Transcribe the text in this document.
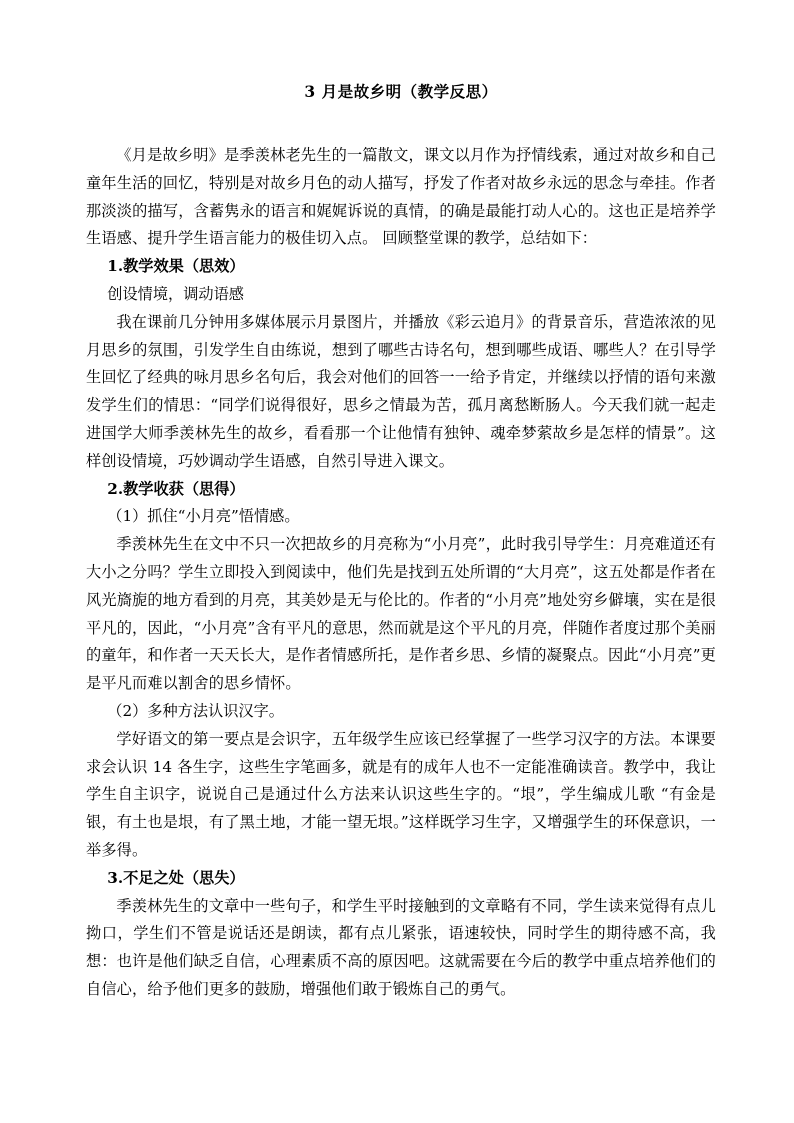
3 月是故乡明（教学反思）

《月是故乡明》是季羡林老先生的一篇散文，课文以月作为抒情线索，通过对故乡和自己童年生活的回忆，特别是对故乡月色的动人描写，抒发了作者对故乡永远的思念与牵挂。作者那淡淡的描写，含蓄隽永的语言和娓娓诉说的真情，的确是最能打动人心的。这也正是培养学生语感、提升学生语言能力的极佳切入点。 回顾整堂课的教学，总结如下：

1.教学效果（思效）

创设情境，调动语感

我在课前几分钟用多媒体展示月景图片，并播放《彩云追月》的背景音乐，营造浓浓的见月思乡的氛围，引发学生自由练说，想到了哪些古诗名句，想到哪些成语、哪些人？在引导学生回忆了经典的咏月思乡名句后，我会对他们的回答一一给予肯定，并继续以抒情的语句来激发学生们的情思：“同学们说得很好，思乡之情最为苦，孤月离愁断肠人。今天我们就一起走进国学大师季羡林先生的故乡，看看那一个让他情有独钟、魂牵梦萦故乡是怎样的情景”。这样创设情境，巧妙调动学生语感，自然引导进入课文。

2.教学收获（思得）

（1）抓住“小月亮”悟情感。

季羡林先生在文中不只一次把故乡的月亮称为“小月亮”，此时我引导学生：月亮难道还有大小之分吗？学生立即投入到阅读中，他们先是找到五处所谓的“大月亮”，这五处都是作者在风光旖旎的地方看到的月亮，其美妙是无与伦比的。作者的“小月亮”地处穷乡僻壤，实在是很平凡的，因此，“小月亮”含有平凡的意思，然而就是这个平凡的月亮，伴随作者度过那个美丽的童年，和作者一天天长大，是作者情感所托，是作者乡思、乡情的凝聚点。因此“小月亮”更是平凡而难以割舍的思乡情怀。

（2）多种方法认识汉字。

学好语文的第一要点是会识字，五年级学生应该已经掌握了一些学习汉字的方法。本课要求会认识 14 各生字，这些生字笔画多，就是有的成年人也不一定能准确读音。教学中，我让学生自主识字，说说自己是通过什么方法来认识这些生字的。“垠”，学生编成儿歌 “有金是银，有土也是垠，有了黑土地，才能一望无垠。”这样既学习生字，又增强学生的环保意识，一举多得。

3.不足之处（思失）

季羡林先生的文章中一些句子，和学生平时接触到的文章略有不同，学生读来觉得有点儿拗口，学生们不管是说话还是朗读，都有点儿紧张，语速较快，同时学生的期待感不高，我想：也许是他们缺乏自信，心理素质不高的原因吧。这就需要在今后的教学中重点培养他们的自信心，给予他们更多的鼓励，增强他们敢于锻炼自己的勇气。
